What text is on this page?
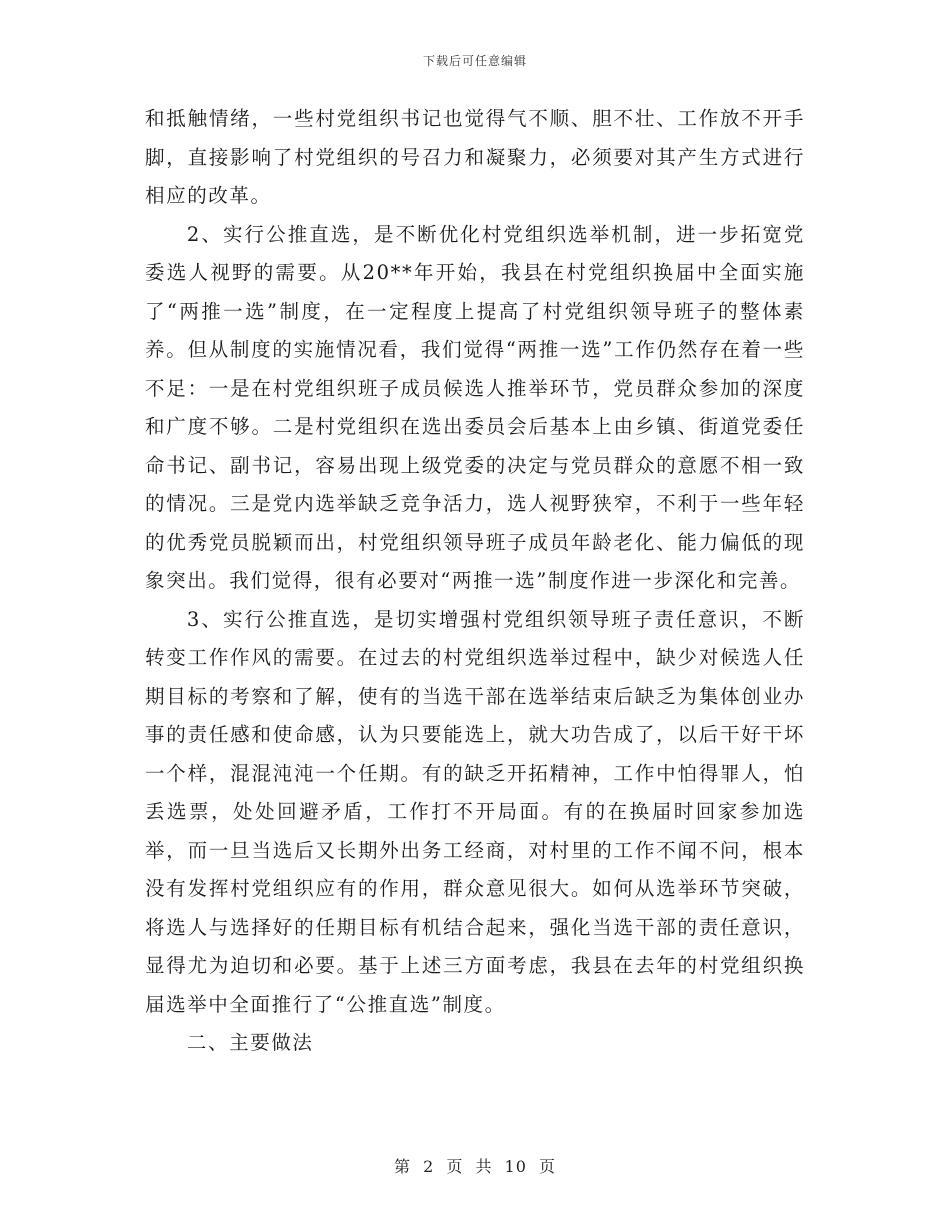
下载后可任意编辑

和抵触情绪，一些村党组织书记也觉得气不顺、胆不壮、工作放不开手脚，直接影响了村党组织的号召力和凝聚力，必须要对其产生方式进行相应的改革。

2、实行公推直选，是不断优化村党组织选举机制，进一步拓宽党委选人视野的需要。从20**年开始，我县在村党组织换届中全面实施了“两推一选”制度，在一定程度上提高了村党组织领导班子的整体素养。但从制度的实施情况看，我们觉得“两推一选”工作仍然存在着一些不足：一是在村党组织班子成员候选人推举环节，党员群众参加的深度和广度不够。二是村党组织在选出委员会后基本上由乡镇、街道党委任命书记、副书记，容易出现上级党委的决定与党员群众的意愿不相一致的情况。三是党内选举缺乏竞争活力，选人视野狭窄，不利于一些年轻的优秀党员脱颖而出，村党组织领导班子成员年龄老化、能力偏低的现象突出。我们觉得，很有必要对“两推一选”制度作进一步深化和完善。

3、实行公推直选，是切实增强村党组织领导班子责任意识，不断转变工作作风的需要。在过去的村党组织选举过程中，缺少对候选人任期目标的考察和了解，使有的当选干部在选举结束后缺乏为集体创业办事的责任感和使命感，认为只要能选上，就大功告成了，以后干好干坏一个样，混混沌沌一个任期。有的缺乏开拓精神，工作中怕得罪人，怕丢选票，处处回避矛盾，工作打不开局面。有的在换届时回家参加选举，而一旦当选后又长期外出务工经商，对村里的工作不闻不问，根本没有发挥村党组织应有的作用，群众意见很大。如何从选举环节突破，将选人与选择好的任期目标有机结合起来，强化当选干部的责任意识，显得尤为迫切和必要。基于上述三方面考虑，我县在去年的村党组织换届选举中全面推行了“公推直选”制度。

二、主要做法

第 2 页 共 10 页
